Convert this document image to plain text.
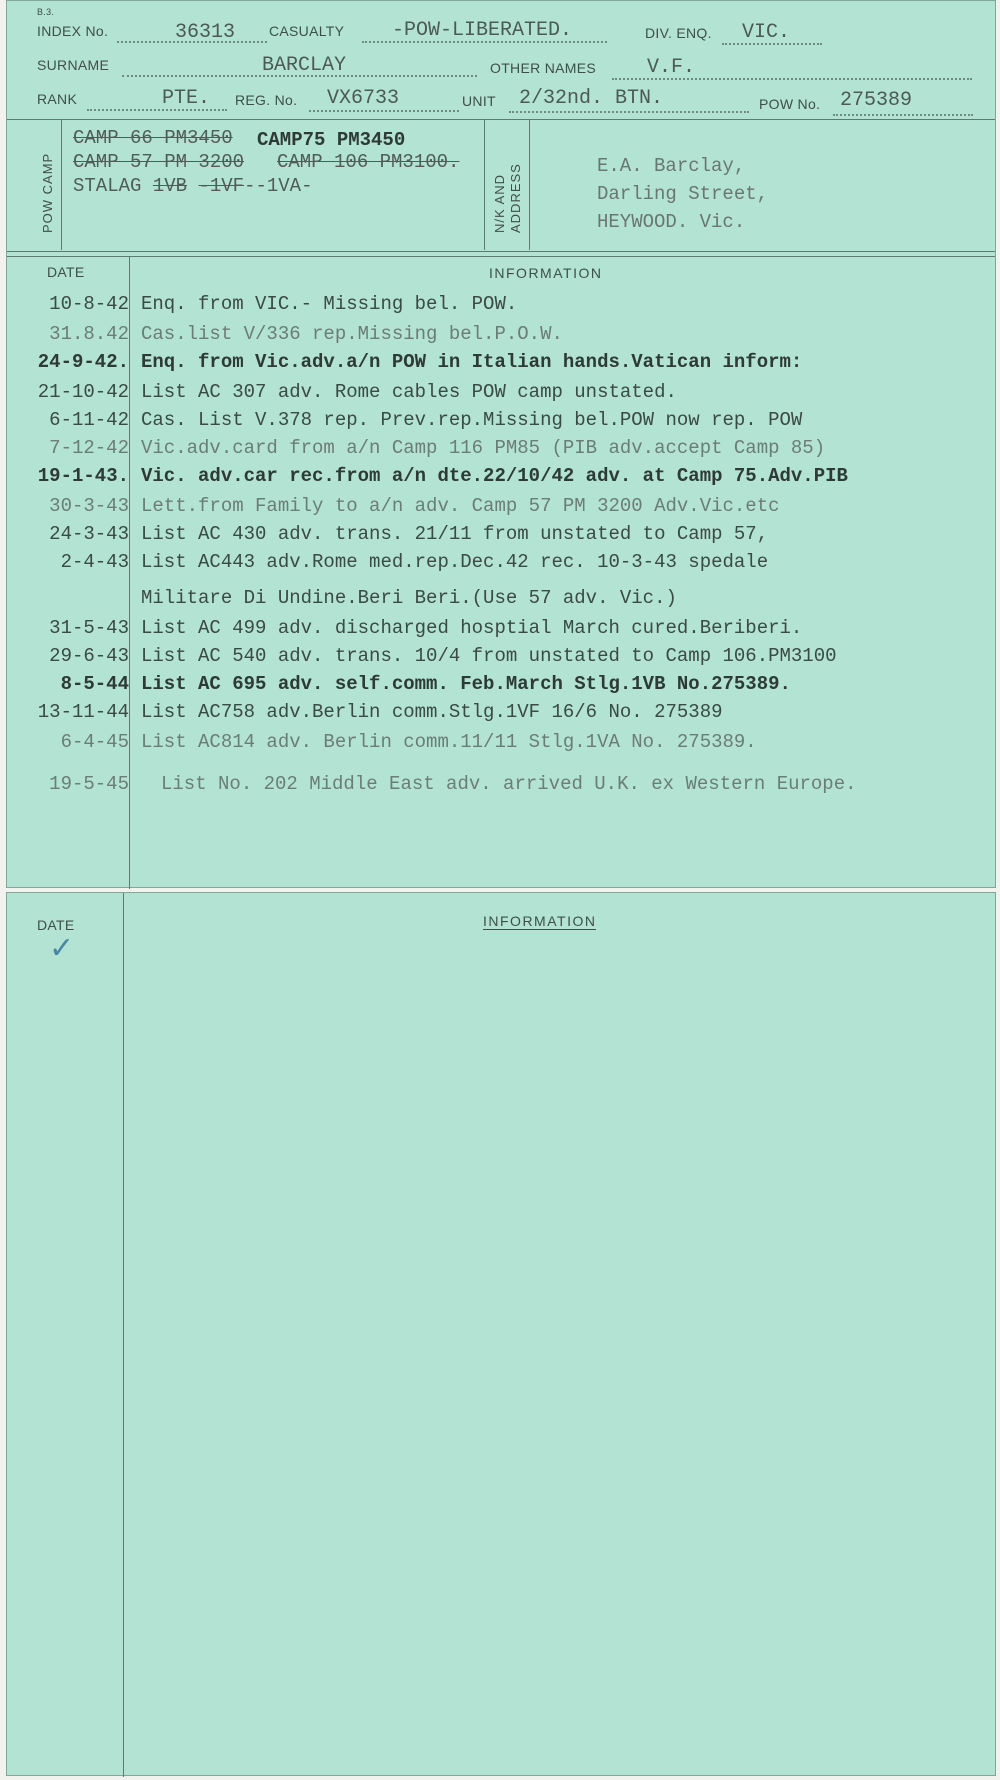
B.3.
INDEX No.	36313 CASUALTY -POW-LIBERATED.	DIV. ENQ. VIC.
SURNAME	BARCLAY	OTHER NAMES	V.F.
RANK	PTE. REG. No. VX6733	UNIT 2/32nd. BTN.	POW No. 275389
POW CAMP
CAMP 66 PM3450 CAMP75 PM3450
CAMP 57 PM 3200 CAMP 106 PM3100.
STALAG 1VB -1VF--1VA-	N/K AND ADDRESS	E.A. Barclay,
Darling Street,
HEYWOOD. Vic.
DATE	INFORMATION
10-8-42 Enq. from VIC.- Missing bel. POW.
31.8.42 Cas.list V/336 rep.Missing bel.P.O.W.
24-9-42. Enq. from Vic.adv.a/n POW in Italian hands.Vatican inform:
21-10-42 List AC 307 adv. Rome cables POW camp unstated.
6-11-42 Cas. List V.378 rep. Prev.rep.Missing bel.POW now rep. POW
7-12-42 Vic.adv.card from a/n Camp 116 PM85 (PIB adv.accept Camp 85)
19-1-43. Vic. adv.car rec.from a/n dte.22/10/42 adv. at Camp 75.Adv.PIB
30-3-43 Lett.from Family to a/n adv. Camp 57 PM 3200 Adv.Vic.etc
24-3-43 List AC 430 adv. trans. 21/11 from unstated to Camp 57,
2-4-43 List AC443 adv.Rome med.rep.Dec.42 rec. 10-3-43 spedale
Militare Di Undine.Beri Beri.(Use 57 adv. Vic.)
31-5-43 List AC 499 adv. discharged hosptial March cured.Beriberi.
29-6-43 List AC 540 adv. trans. 10/4 from unstated to Camp 106.PM3100
8-5-44 List AC 695 adv. self.comm. Feb.March Stlg.1VB No.275389.
13-11-44 List AC758 adv.Berlin comm.Stlg.1VF 16/6 No. 275389
6-4-45 List AC814 adv. Berlin comm.11/11 Stlg.1VA No. 275389.
19-5-45 List No. 202 Middle East adv. arrived U.K. ex Western Europe.
DATE
✓
INFORMATION
